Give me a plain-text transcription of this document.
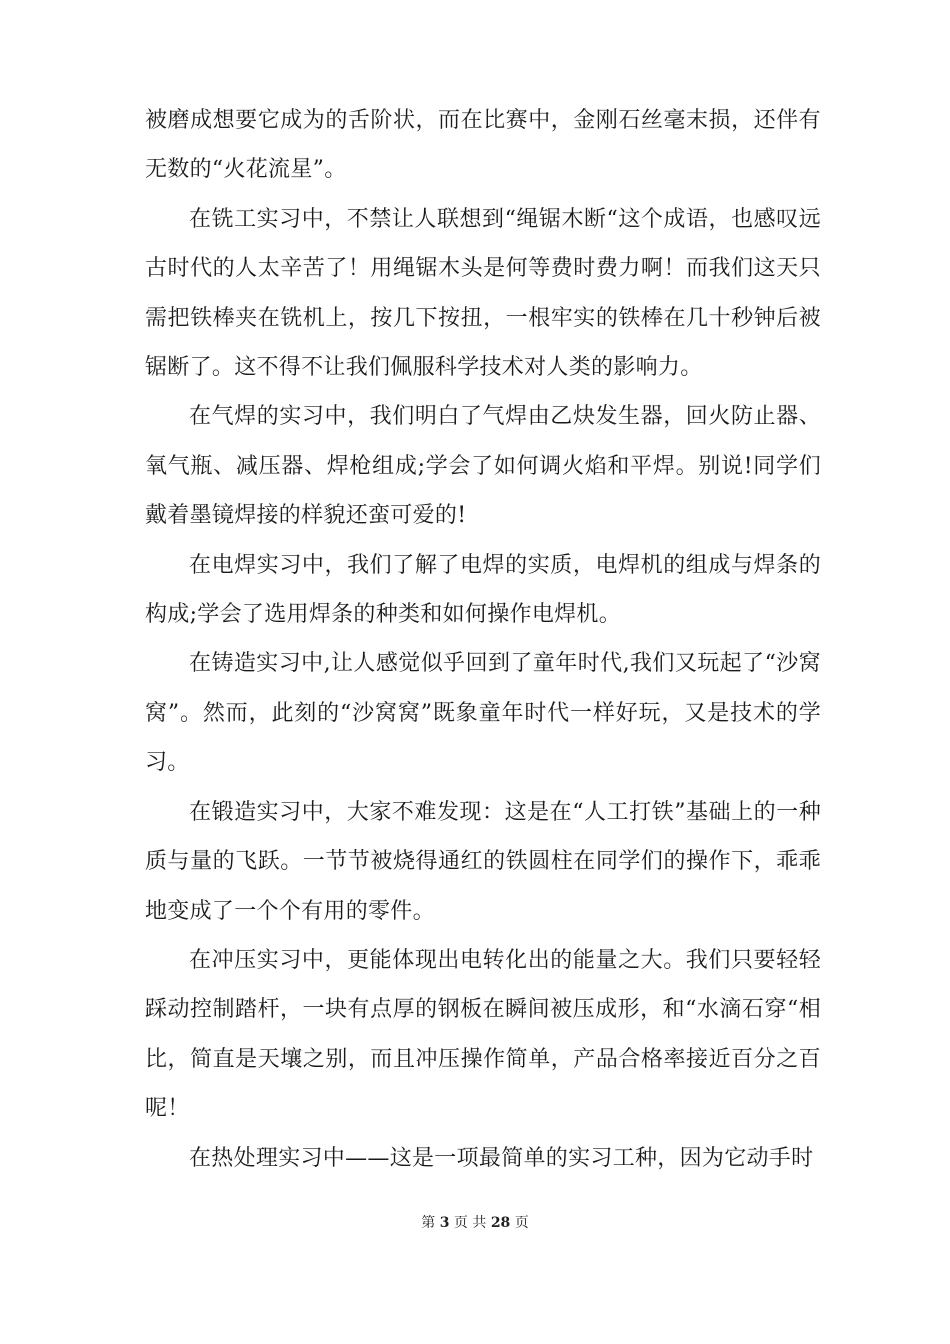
被磨成想要它成为的舌阶状，而在比赛中，金刚石丝毫末损，还伴有无数的“火花流星”。

在铣工实习中，不禁让人联想到“绳锯木断“这个成语，也感叹远古时代的人太辛苦了！用绳锯木头是何等费时费力啊！而我们这天只需把铁棒夹在铣机上，按几下按扭，一根牢实的铁棒在几十秒钟后被锯断了。这不得不让我们佩服科学技术对人类的影响力。

在气焊的实习中，我们明白了气焊由乙炔发生器，回火防止器、氧气瓶、减压器、焊枪组成;学会了如何调火焰和平焊。别说!同学们戴着墨镜焊接的样貌还蛮可爱的!

在电焊实习中，我们了解了电焊的实质，电焊机的组成与焊条的构成;学会了选用焊条的种类和如何操作电焊机。

在铸造实习中,让人感觉似乎回到了童年时代,我们又玩起了“沙窝窝”。然而，此刻的“沙窝窝”既象童年时代一样好玩，又是技术的学习。

在锻造实习中，大家不难发现：这是在“人工打铁”基础上的一种质与量的飞跃。一节节被烧得通红的铁圆柱在同学们的操作下，乖乖地变成了一个个有用的零件。

在冲压实习中，更能体现出电转化出的能量之大。我们只要轻轻踩动控制踏杆，一块有点厚的钢板在瞬间被压成形，和“水滴石穿“相比，简直是天壤之别，而且冲压操作简单，产品合格率接近百分之百呢！

在热处理实习中——这是一项最简单的实习工种，因为它动手时

第 3 页 共 28 页
